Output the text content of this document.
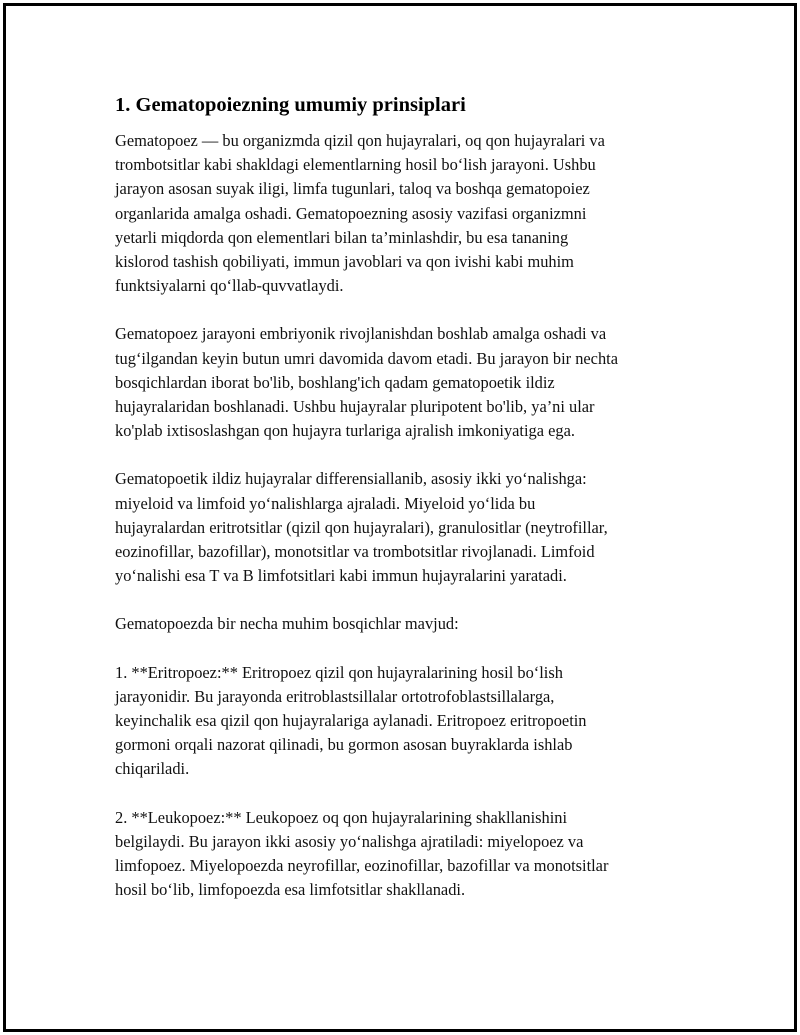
1. Gematopoiezning umumiy prinsiplari

Gematopoez — bu organizmda qizil qon hujayralari, oq qon hujayralari va
trombotsitlar kabi shakldagi elementlarning hosil bo‘lish jarayoni. Ushbu
jarayon asosan suyak iligi, limfa tugunlari, taloq va boshqa gematopoiez
organlarida amalga oshadi. Gematopoezning asosiy vazifasi organizmni
yetarli miqdorda qon elementlari bilan ta’minlashdir, bu esa tananing
kislorod tashish qobiliyati, immun javoblari va qon ivishi kabi muhim
funktsiyalarni qo‘llab-quvvatlaydi.

Gematopoez jarayoni embriyonik rivojlanishdan boshlab amalga oshadi va
tug‘ilgandan keyin butun umri davomida davom etadi. Bu jarayon bir nechta
bosqichlardan iborat bo'lib, boshlang'ich qadam gematopoetik ildiz
hujayralaridan boshlanadi. Ushbu hujayralar pluripotent bo'lib, ya’ni ular
ko'plab ixtisoslashgan qon hujayra turlariga ajralish imkoniyatiga ega.

Gematopoetik ildiz hujayralar differensiallanib, asosiy ikki yo‘nalishga:
miyeloid va limfoid yo‘nalishlarga ajraladi. Miyeloid yo‘lida bu
hujayralardan eritrotsitlar (qizil qon hujayralari), granulositlar (neytrofillar,
eozinofillar, bazofillar), monotsitlar va trombotsitlar rivojlanadi. Limfoid
yo‘nalishi esa T va B limfotsitlari kabi immun hujayralarini yaratadi.

Gematopoezda bir necha muhim bosqichlar mavjud:

1. **Eritropoez:** Eritropoez qizil qon hujayralarining hosil bo‘lish
jarayonidir. Bu jarayonda eritroblastsillalar ortotrofoblastsillalarga,
keyinchalik esa qizil qon hujayralariga aylanadi. Eritropoez eritropoetin
gormoni orqali nazorat qilinadi, bu gormon asosan buyraklarda ishlab
chiqariladi.

2. **Leukopoez:** Leukopoez oq qon hujayralarining shakllanishini
belgilaydi. Bu jarayon ikki asosiy yo‘nalishga ajratiladi: miyelopoez va
limfopoez. Miyelopoezda neyrofillar, eozinofillar, bazofillar va monotsitlar
hosil bo‘lib, limfopoezda esa limfotsitlar shakllanadi.
